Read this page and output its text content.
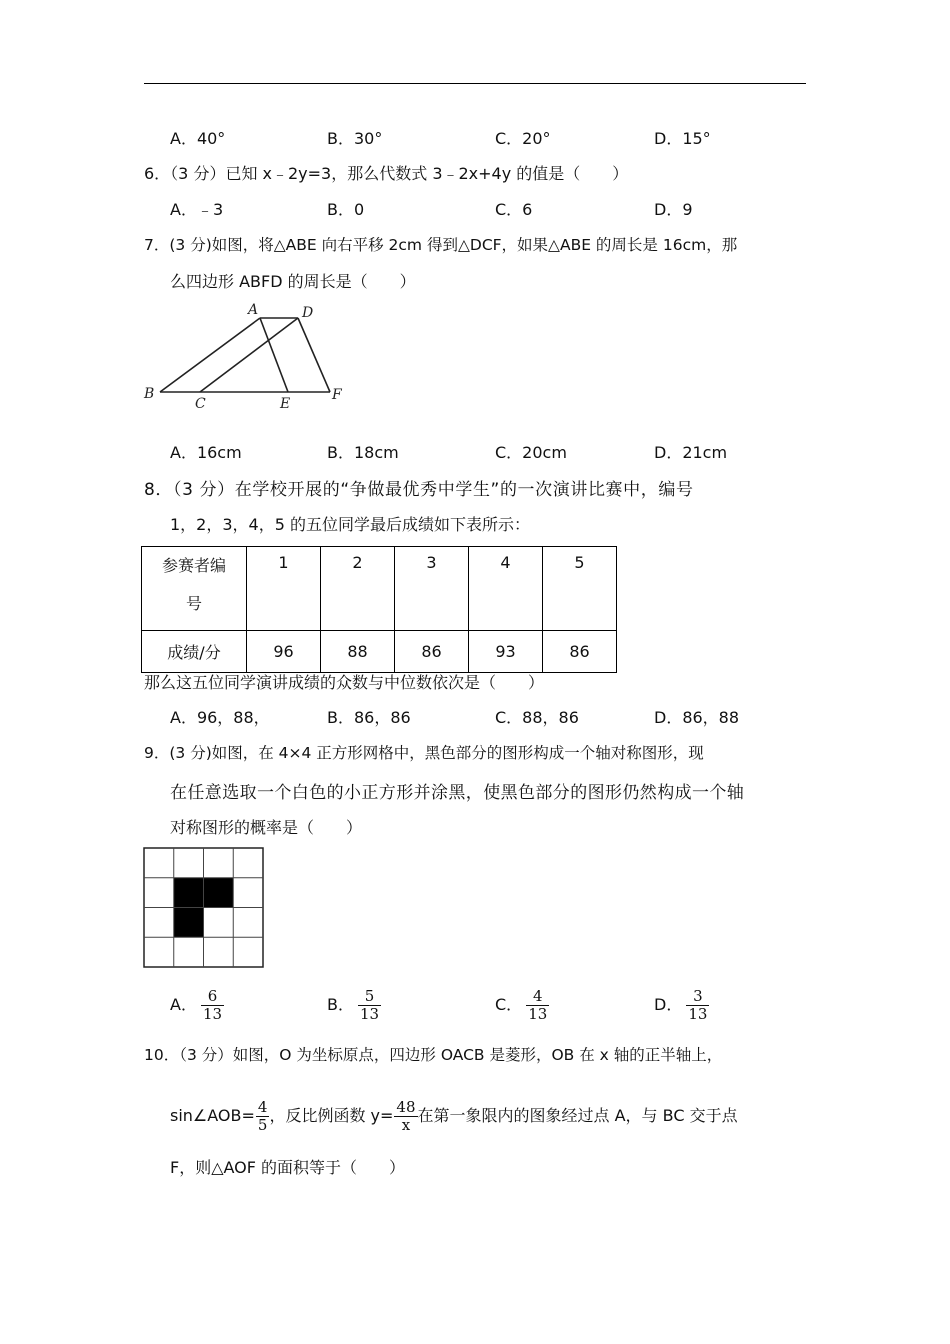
A．40°	B．30°	C．20°	D．15°
6．（3 分）已知 x﹣2y=3，那么代数式 3﹣2x+4y 的值是（　　）
A．﹣3	B．0	C．6	D．9
7．(3 分)如图，将△ABE 向右平移 2cm 得到△DCF，如果△ABE 的周长是 16cm，那
么四边形 ABFD 的周长是（　　）
A	D
B
C	E
F
A．16cm	B．18cm	C．20cm	D．21cm
8．（3 分）在学校开展的“争做最优秀中学生”的一次演讲比赛中，编号
1，2，3，4，5 的五位同学最后成绩如下表所示：
参赛者编
号	1	2	3	4	5
成绩/分	96	88	86	93	86
那么这五位同学演讲成绩的众数与中位数依次是（　　）
A．96，88，	B．86，86	C．88，86	D．86，88
9．(3 分)如图，在 4×4 正方形网格中，黑色部分的图形构成一个轴对称图形，现
在任意选取一个白色的小正方形并涂黑，使黑色部分的图形仍然构成一个轴
对称图形的概率是（　　）
A． $\frac{6}{13}$	B． $\frac{5}{13}$	C． $\frac{4}{13}$	D． $\frac{3}{13}$
10．（3 分）如图，O 为坐标原点，四边形 OACB 是菱形，OB 在 x 轴的正半轴上，
sin∠AOB= $\frac{4}{5}$ ，反比例函数 $y= \frac{48}{x}$ 在第一象限内的图象经过点 A，与 BC 交于点
F，则△AOF 的面积等于（　　）
